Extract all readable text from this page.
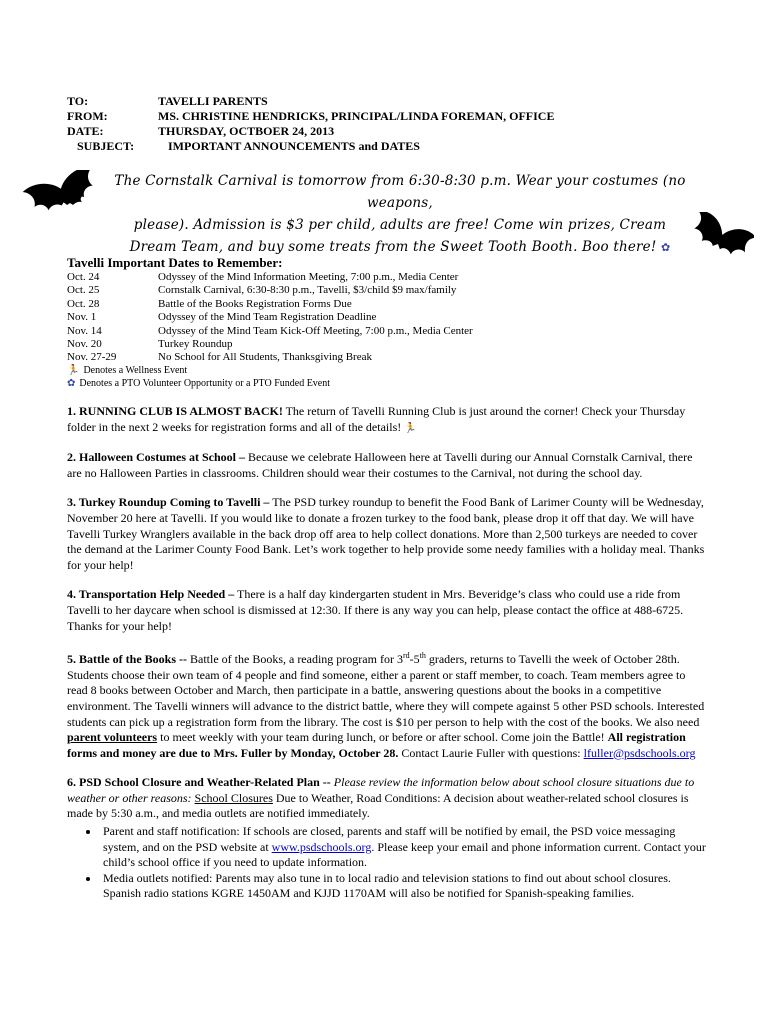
TO:	TAVELLI PARENTS
FROM:	MS. CHRISTINE HENDRICKS, PRINCIPAL/LINDA FOREMAN, OFFICE
DATE:	THURSDAY, OCTBOER 24, 2013
SUBJECT:	IMPORTANT ANNOUNCEMENTS and DATES
The Cornstalk Carnival is tomorrow from 6:30-8:30 p.m. Wear your costumes (no weapons,
please). Admission is $3 per child, adults are free! Come win prizes, Cream
Dream Team, and buy some treats from the Sweet Tooth Booth. Boo there! ✿
Tavelli Important Dates to Remember:
Oct. 24	Odyssey of the Mind Information Meeting, 7:00 p.m., Media Center
Oct. 25	Cornstalk Carnival, 6:30-8:30 p.m., Tavelli, $3/child $9 max/family
Oct. 28	Battle of the Books Registration Forms Due
Nov. 1	Odyssey of the Mind Team Registration Deadline
Nov. 14	Odyssey of the Mind Team Kick-Off Meeting, 7:00 p.m., Media Center
Nov. 20	Turkey Roundup
Nov. 27-29	No School for All Students, Thanksgiving Break
🏃 Denotes a Wellness Event
✿ Denotes a PTO Volunteer Opportunity or a PTO Funded Event

1. RUNNING CLUB IS ALMOST BACK! The return of Tavelli Running Club is just around the corner! Check your Thursday folder in the next 2 weeks for registration forms and all of the details! 🏃

2. Halloween Costumes at School – Because we celebrate Halloween here at Tavelli during our Annual Cornstalk Carnival, there are no Halloween Parties in classrooms. Children should wear their costumes to the Carnival, not during the school day.

3. Turkey Roundup Coming to Tavelli – The PSD turkey roundup to benefit the Food Bank of Larimer County will be Wednesday, November 20 here at Tavelli. If you would like to donate a frozen turkey to the food bank, please drop it off that day. We will have Tavelli Turkey Wranglers available in the back drop off area to help collect donations. More than 2,500 turkeys are needed to cover the demand at the Larimer County Food Bank. Let’s work together to help provide some needy families with a holiday meal. Thanks for your help!

4. Transportation Help Needed – There is a half day kindergarten student in Mrs. Beveridge’s class who could use a ride from Tavelli to her daycare when school is dismissed at 12:30. If there is any way you can help, please contact the office at 488-6725. Thanks for your help!

5. Battle of the Books -- Battle of the Books, a reading program for 3rd-5th graders, returns to Tavelli the week of October 28th. Students choose their own team of 4 people and find someone, either a parent or staff member, to coach. Team members agree to read 8 books between October and March, then participate in a battle, answering questions about the books in a competitive environment. The Tavelli winners will advance to the district battle, where they will compete against 5 other PSD schools. Interested students can pick up a registration form from the library. The cost is $10 per person to help with the cost of the books. We also need parent volunteers to meet weekly with your team during lunch, or before or after school. Come join the Battle! All registration forms and money are due to Mrs. Fuller by Monday, October 28. Contact Laurie Fuller with questions: lfuller@psdschools.org

6. PSD School Closure and Weather-Related Plan -- Please review the information below about school closure situations due to weather or other reasons: School Closures Due to Weather, Road Conditions: A decision about weather-related school closures is made by 5:30 a.m., and media outlets are notified immediately.

• Parent and staff notification: If schools are closed, parents and staff will be notified by email, the PSD voice messaging system, and on the PSD website at www.psdschools.org. Please keep your email and phone information current. Contact your child’s school office if you need to update information.
• Media outlets notified: Parents may also tune in to local radio and television stations to find out about school closures. Spanish radio stations KGRE 1450AM and KJJD 1170AM will also be notified for Spanish-speaking families.
